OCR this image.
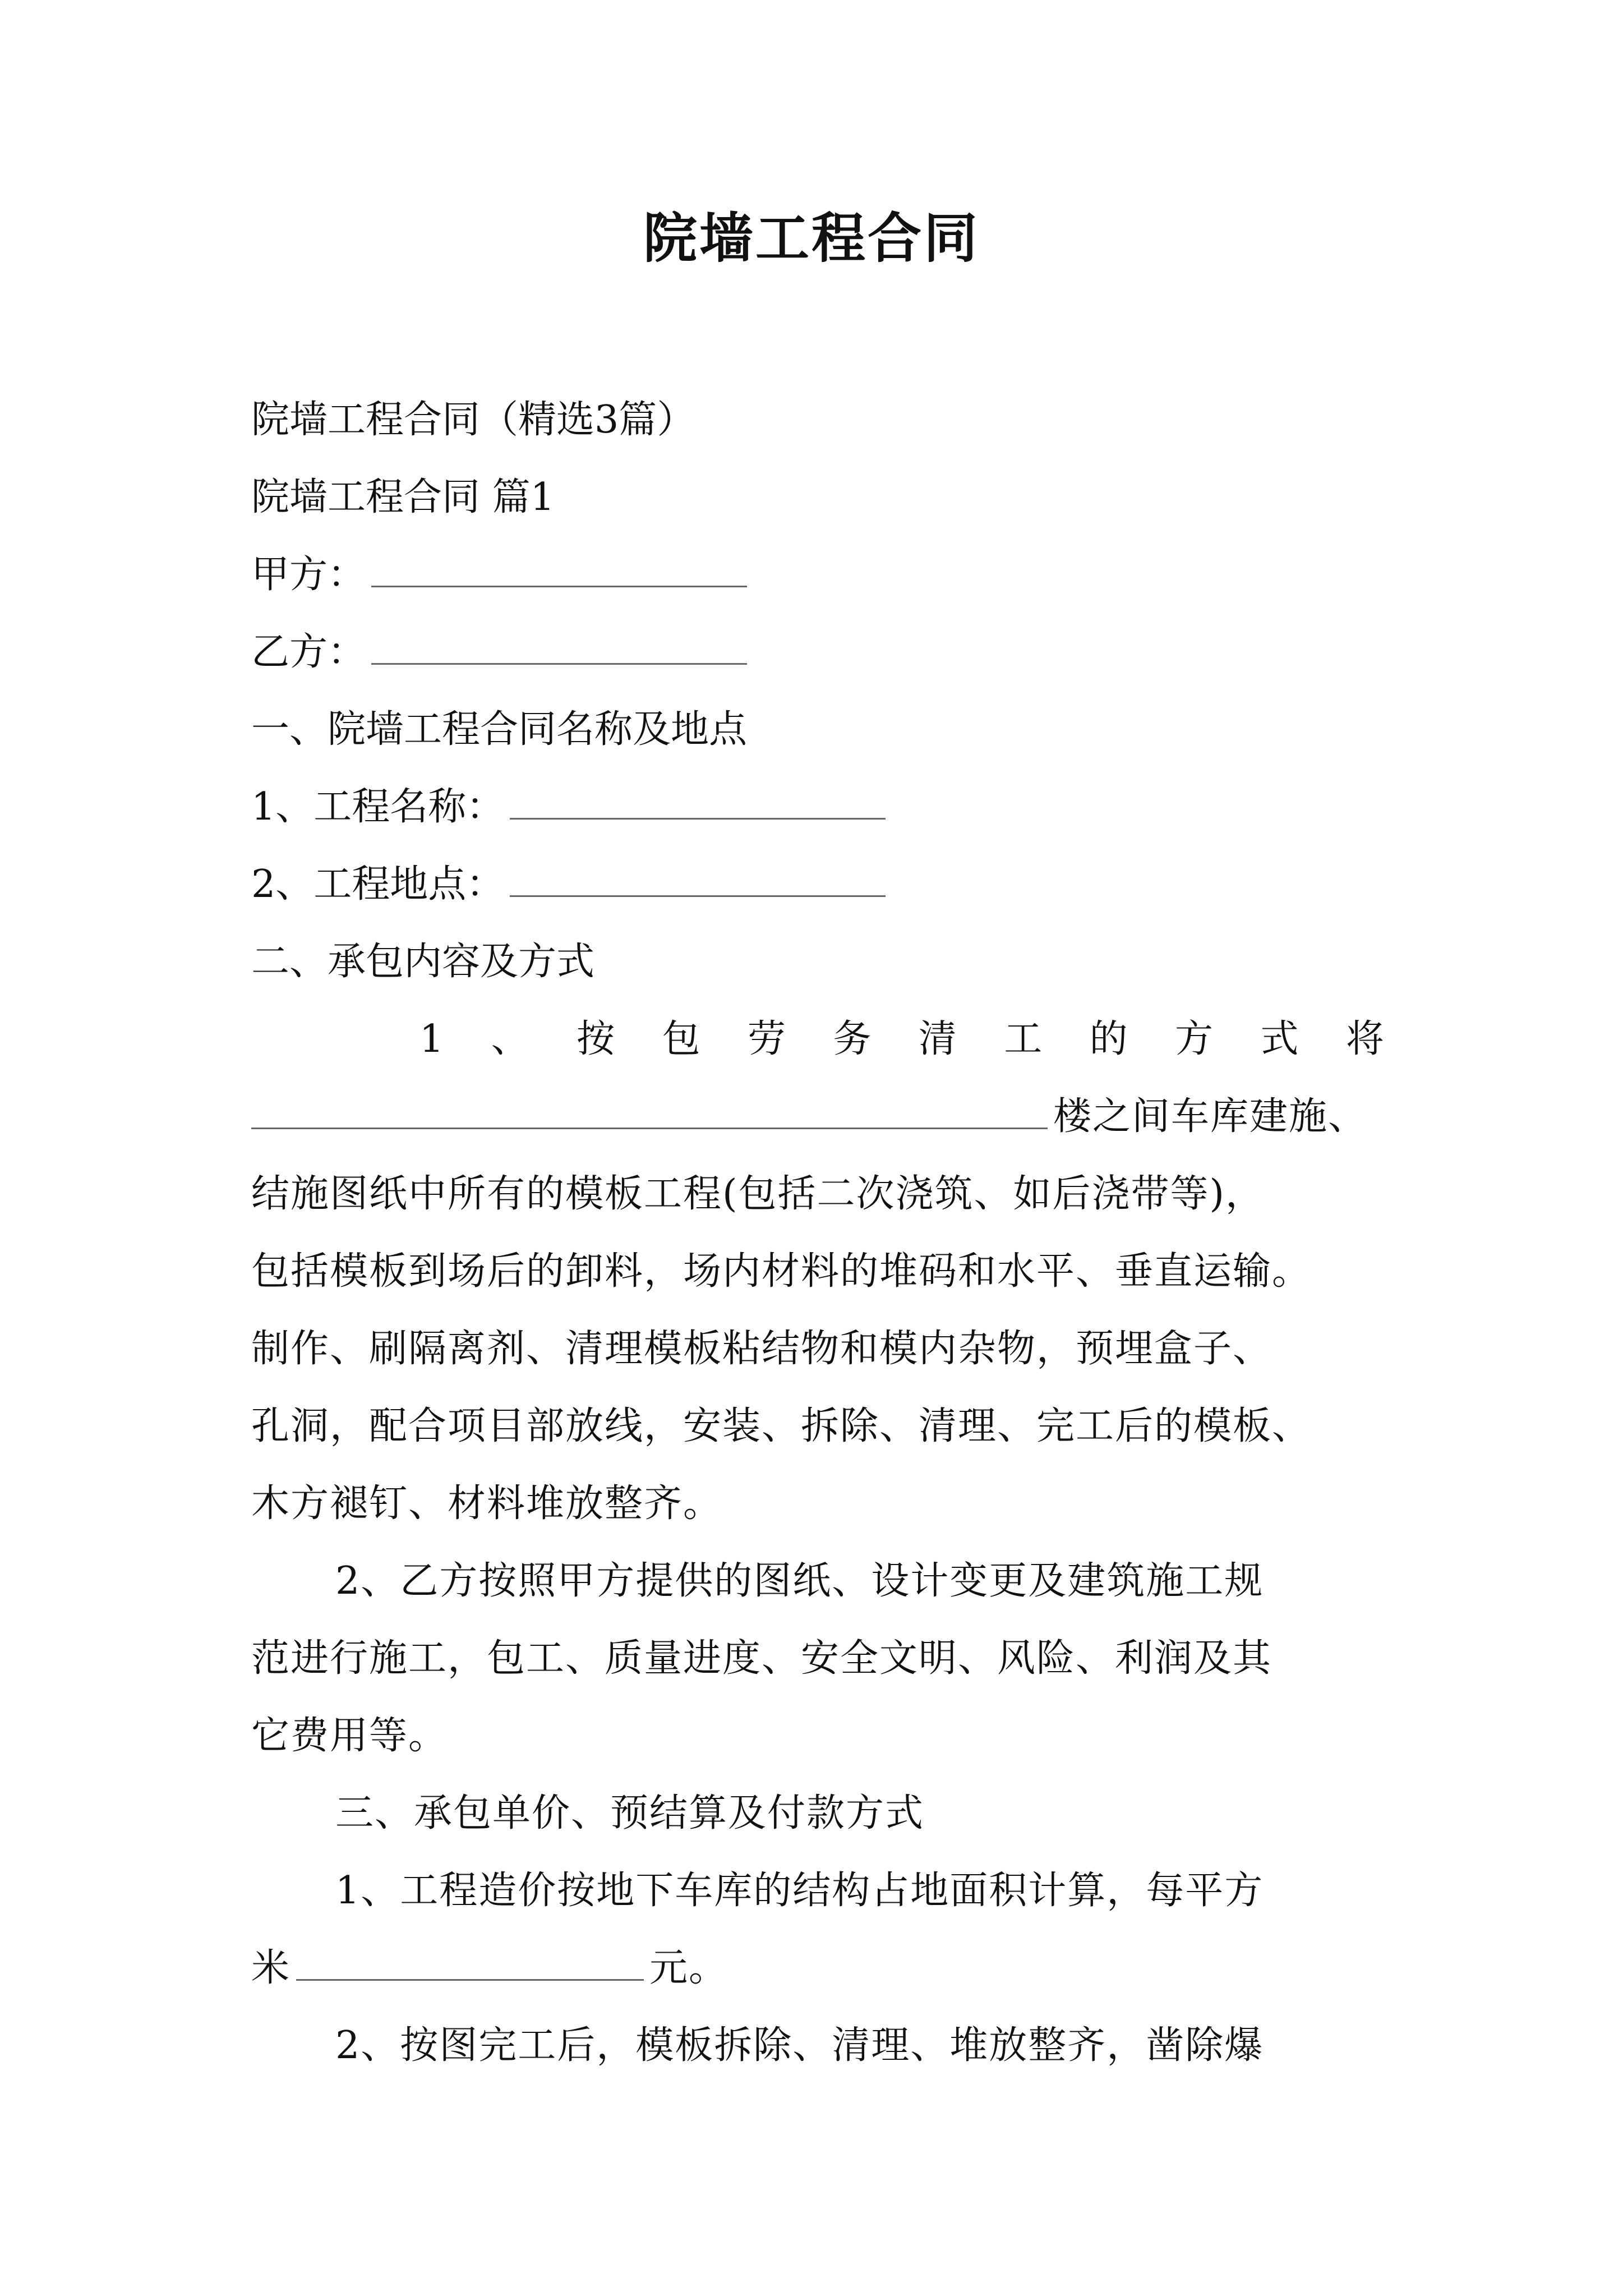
院墙工程合同
院墙工程合同（精选3篇）
院墙工程合同 篇1
甲方：
乙方：
一、院墙工程合同名称及地点
1、工程名称：
2、工程地点：
二、承包内容及方式
1 、 按 包 劳 务 清 工 的 方 式 将
楼之间车库建施、
结施图纸中所有的模板工程(包括二次浇筑、如后浇带等)，
包括模板到场后的卸料，场内材料的堆码和水平、垂直运输。
制作、刷隔离剂、清理模板粘结物和模内杂物，预埋盒子、
孔洞，配合项目部放线，安装、拆除、清理、完工后的模板、
木方褪钉、材料堆放整齐。
2、乙方按照甲方提供的图纸、设计变更及建筑施工规
范进行施工，包工、质量进度、安全文明、风险、利润及其
它费用等。
三、承包单价、预结算及付款方式
1、工程造价按地下车库的结构占地面积计算，每平方
米	元。
2、按图完工后，模板拆除、清理、堆放整齐，凿除爆
